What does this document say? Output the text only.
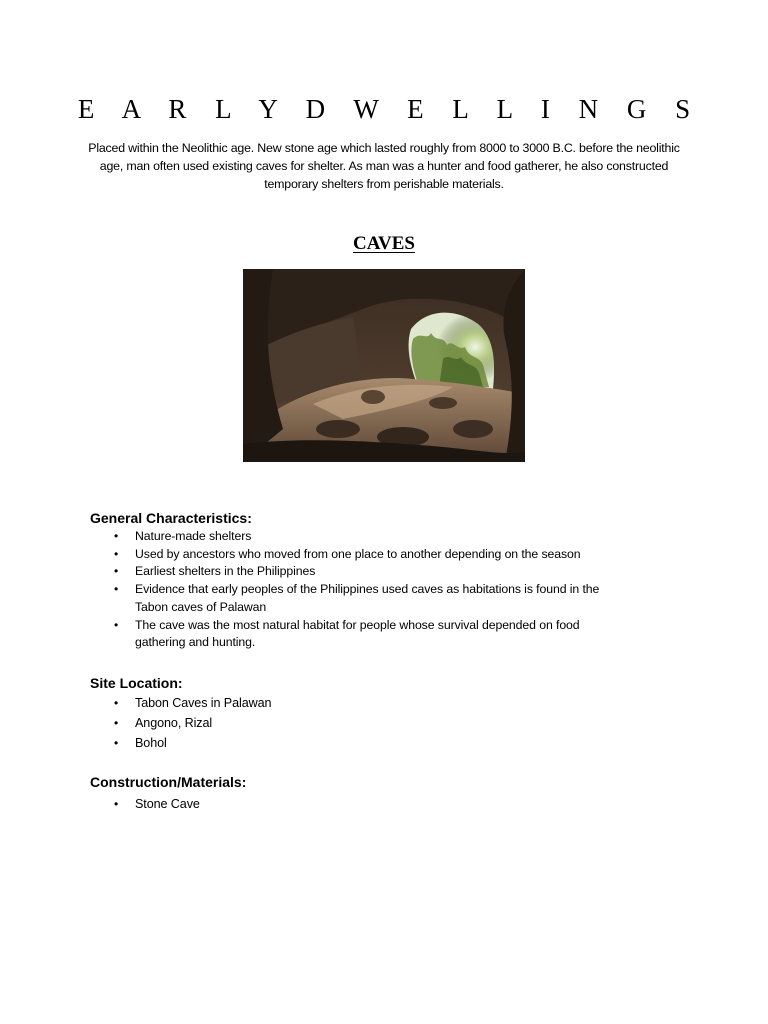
E A R L Y D W E L L I N G S
Placed within the Neolithic age. New stone age which lasted roughly from 8000 to 3000 B.C. before the neolithic age, man often used existing caves for shelter. As man was a hunter and food gatherer, he also constructed temporary shelters from perishable materials.
CAVES
General Characteristics:
• Nature-made shelters
• Used by ancestors who moved from one place to another depending on the season
• Earliest shelters in the Philippines
• Evidence that early peoples of the Philippines used caves as habitations is found in the Tabon caves of Palawan
• The cave was the most natural habitat for people whose survival depended on food gathering and hunting.
Site Location:
• Tabon Caves in Palawan
• Angono, Rizal
• Bohol
Construction/Materials:
• Stone Cave
